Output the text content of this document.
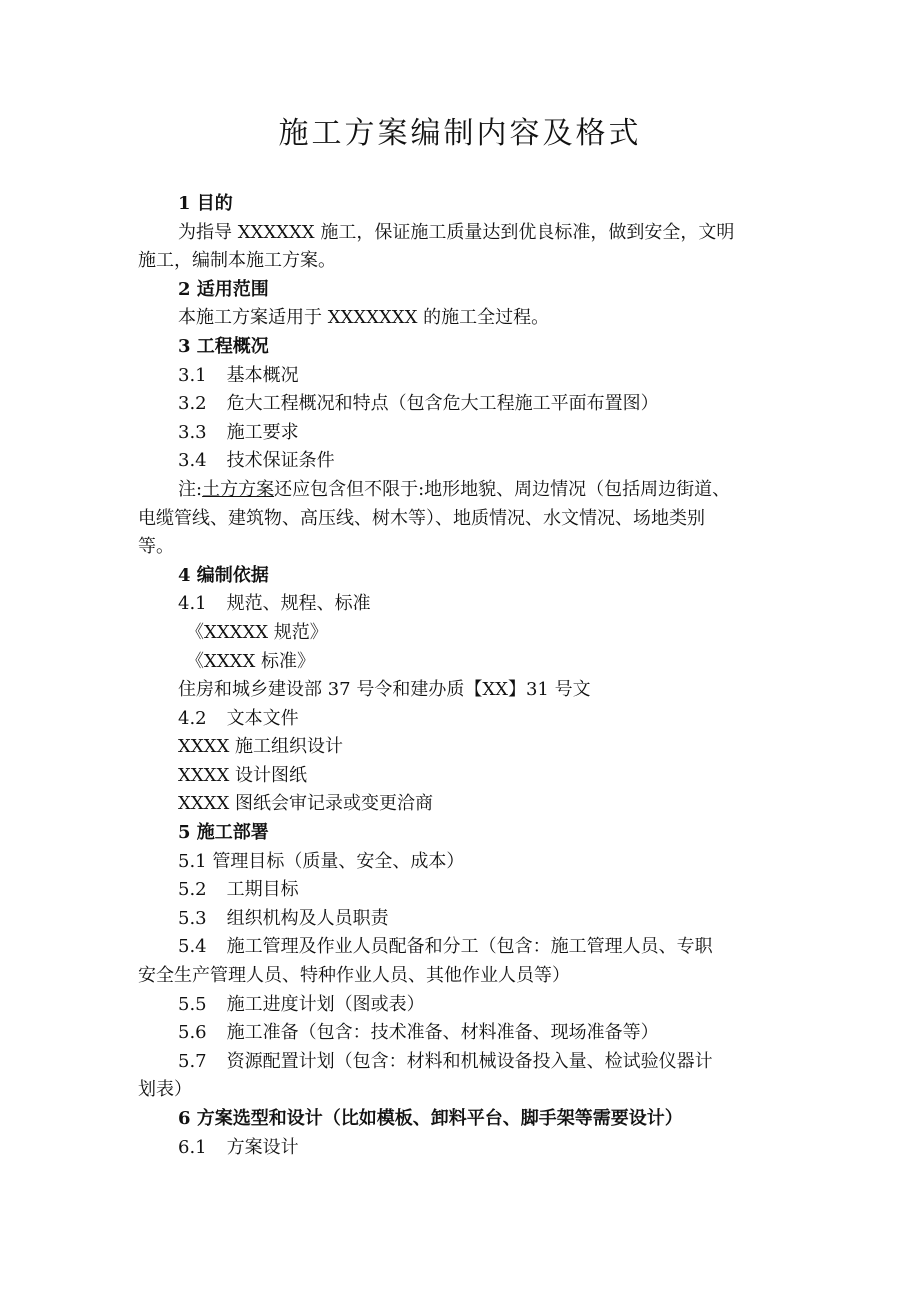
施工方案编制内容及格式
1 目的
为指导 XXXXXX 施工，保证施工质量达到优良标准，做到安全，文明
施工，编制本施工方案。
2 适用范围
本施工方案适用于 XXXXXXX 的施工全过程。
3 工程概况
3.1 基本概况
3.2 危大工程概况和特点（包含危大工程施工平面布置图）
3.3 施工要求
3.4 技术保证条件
注:土方方案还应包含但不限于:地形地貌、周边情况（包括周边街道、
电缆管线、建筑物、高压线、树木等）、地质情况、水文情况、场地类别
等。
4 编制依据
4.1 规范、规程、标准
《XXXXX 规范》
《XXXX 标准》
住房和城乡建设部 37 号令和建办质【XX】31 号文
4.2 文本文件
XXXX 施工组织设计
XXXX 设计图纸
XXXX 图纸会审记录或变更洽商
5 施工部署
5.1 管理目标（质量、安全、成本）
5.2 工期目标
5.3 组织机构及人员职责
5.4 施工管理及作业人员配备和分工（包含：施工管理人员、专职
安全生产管理人员、特种作业人员、其他作业人员等）
5.5 施工进度计划（图或表）
5.6 施工准备（包含：技术准备、材料准备、现场准备等）
5.7 资源配置计划（包含：材料和机械设备投入量、检试验仪器计
划表）
6 方案选型和设计（比如模板、卸料平台、脚手架等需要设计）
6.1 方案设计
